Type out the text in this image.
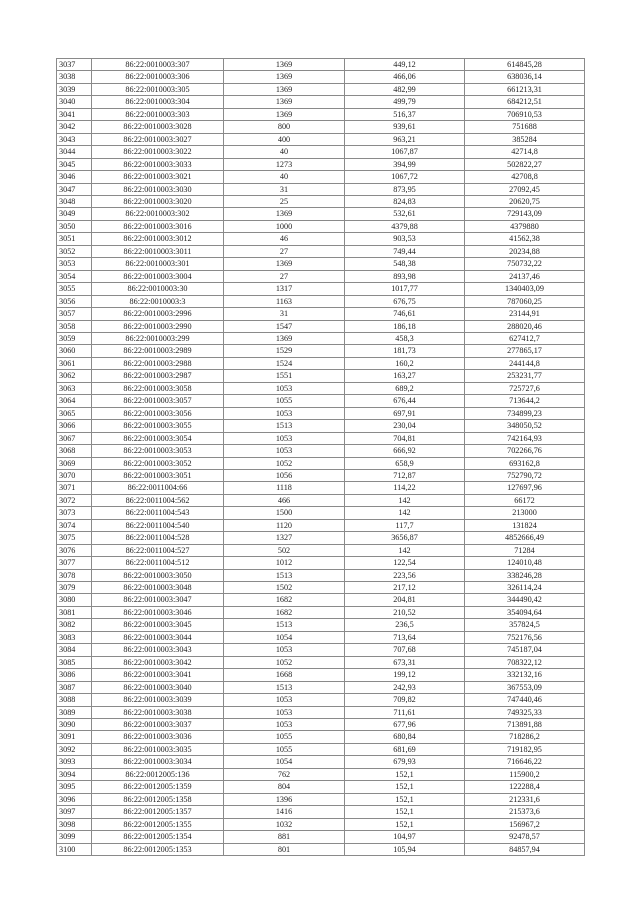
3037	86:22:0010003:307	1369	449,12	614845,28
3038	86:22:0010003:306	1369	466,06	638036,14
3039	86:22:0010003:305	1369	482,99	661213,31
3040	86:22:0010003:304	1369	499,79	684212,51
3041	86:22:0010003:303	1369	516,37	706910,53
3042	86:22:0010003:3028	800	939,61	751688
3043	86:22:0010003:3027	400	963,21	385284
3044	86:22:0010003:3022	40	1067,87	42714,8
3045	86:22:0010003:3033	1273	394,99	502822,27
3046	86:22:0010003:3021	40	1067,72	42708,8
3047	86:22:0010003:3030	31	873,95	27092,45
3048	86:22:0010003:3020	25	824,83	20620,75
3049	86:22:0010003:302	1369	532,61	729143,09
3050	86:22:0010003:3016	1000	4379,88	4379880
3051	86:22:0010003:3012	46	903,53	41562,38
3052	86:22:0010003:3011	27	749,44	20234,88
3053	86:22:0010003:301	1369	548,38	750732,22
3054	86:22:0010003:3004	27	893,98	24137,46
3055	86:22:0010003:30	1317	1017,77	1340403,09
3056	86:22:0010003:3	1163	676,75	787060,25
3057	86:22:0010003:2996	31	746,61	23144,91
3058	86:22:0010003:2990	1547	186,18	288020,46
3059	86:22:0010003:299	1369	458,3	627412,7
3060	86:22:0010003:2989	1529	181,73	277865,17
3061	86:22:0010003:2988	1524	160,2	244144,8
3062	86:22:0010003:2987	1551	163,27	253231,77
3063	86:22:0010003:3058	1053	689,2	725727,6
3064	86:22:0010003:3057	1055	676,44	713644,2
3065	86:22:0010003:3056	1053	697,91	734899,23
3066	86:22:0010003:3055	1513	230,04	348050,52
3067	86:22:0010003:3054	1053	704,81	742164,93
3068	86:22:0010003:3053	1053	666,92	702266,76
3069	86:22:0010003:3052	1052	658,9	693162,8
3070	86:22:0010003:3051	1056	712,87	752790,72
3071	86:22:0011004:66	1118	114,22	127697,96
3072	86:22:0011004:562	466	142	66172
3073	86:22:0011004:543	1500	142	213000
3074	86:22:0011004:540	1120	117,7	131824
3075	86:22:0011004:528	1327	3656,87	4852666,49
3076	86:22:0011004:527	502	142	71284
3077	86:22:0011004:512	1012	122,54	124010,48
3078	86:22:0010003:3050	1513	223,56	338246,28
3079	86:22:0010003:3048	1502	217,12	326114,24
3080	86:22:0010003:3047	1682	204,81	344490,42
3081	86:22:0010003:3046	1682	210,52	354094,64
3082	86:22:0010003:3045	1513	236,5	357824,5
3083	86:22:0010003:3044	1054	713,64	752176,56
3084	86:22:0010003:3043	1053	707,68	745187,04
3085	86:22:0010003:3042	1052	673,31	708322,12
3086	86:22:0010003:3041	1668	199,12	332132,16
3087	86:22:0010003:3040	1513	242,93	367553,09
3088	86:22:0010003:3039	1053	709,82	747440,46
3089	86:22:0010003:3038	1053	711,61	749325,33
3090	86:22:0010003:3037	1053	677,96	713891,88
3091	86:22:0010003:3036	1055	680,84	718286,2
3092	86:22:0010003:3035	1055	681,69	719182,95
3093	86:22:0010003:3034	1054	679,93	716646,22
3094	86:22:0012005:136	762	152,1	115900,2
3095	86:22:0012005:1359	804	152,1	122288,4
3096	86:22:0012005:1358	1396	152,1	212331,6
3097	86:22:0012005:1357	1416	152,1	215373,6
3098	86:22:0012005:1355	1032	152,1	156967,2
3099	86:22:0012005:1354	881	104,97	92478,57
3100	86:22:0012005:1353	801	105,94	84857,94
